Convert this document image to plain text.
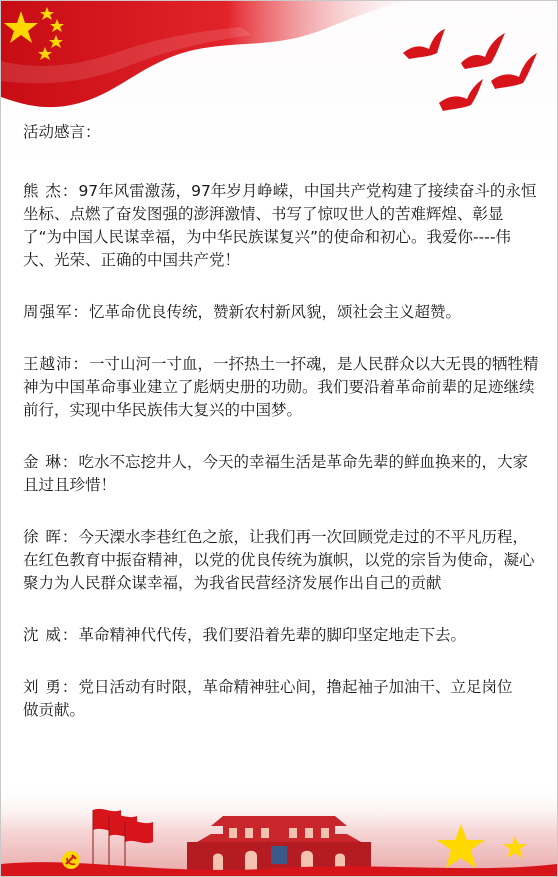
活动感言：
熊 杰：97年风雷激荡，97年岁月峥嵘，中国共产党构建了接续奋斗的永恒坐标、点燃了奋发图强的澎湃激情、书写了惊叹世人的苦难辉煌、彰显了“为中国人民谋幸福，为中华民族谋复兴”的使命和初心。我爱你----伟大、光荣、正确的中国共产党！
周强军：忆革命优良传统，赞新农村新风貌，颂社会主义超赞。
王越沛：一寸山河一寸血，一抔热土一抔魂，是人民群众以大无畏的牺牲精神为中国革命事业建立了彪炳史册的功勋。我们要沿着革命前辈的足迹继续前行，实现中华民族伟大复兴的中国梦。
金 琳：吃水不忘挖井人，今天的幸福生活是革命先辈的鲜血换来的，大家且过且珍惜！
徐 晖：今天溧水李巷红色之旅，让我们再一次回顾党走过的不平凡历程，在红色教育中振奋精神，以党的优良传统为旗帜，以党的宗旨为使命，凝心聚力为人民群众谋幸福，为我省民营经济发展作出自己的贡献
沈 威：革命精神代代传，我们要沿着先辈的脚印坚定地走下去。
刘 勇：党日活动有时限，革命精神驻心间，撸起袖子加油干、立足岗位做贡献。
